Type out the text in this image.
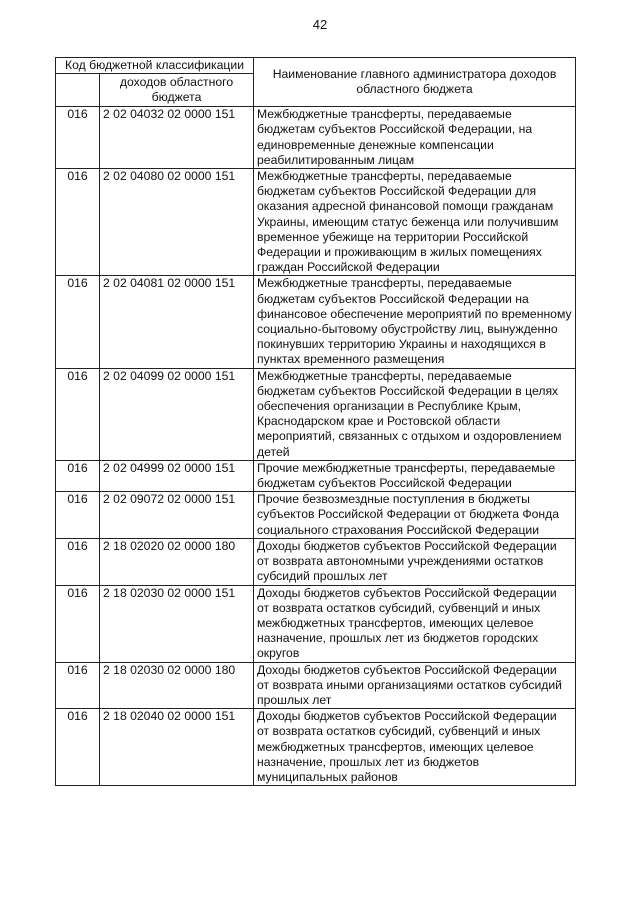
42
Код бюджетной классификации		Наименование главного администратора доходов областного бюджета
	доходов областного бюджета	
016	2 02 04032 02 0000 151	Межбюджетные трансферты, передаваемые бюджетам субъектов Российской Федерации, на единовременные денежные компенсации реабилитированным лицам
016	2 02 04080 02 0000 151	Межбюджетные трансферты, передаваемые бюджетам субъектов Российской Федерации для оказания адресной финансовой помощи гражданам Украины, имеющим статус беженца или получившим временное убежище на территории Российской Федерации и проживающим в жилых помещениях граждан Российской Федерации
016	2 02 04081 02 0000 151	Межбюджетные трансферты, передаваемые бюджетам субъектов Российской Федерации на финансовое обеспечение мероприятий по временному социально-бытовому обустройству лиц, вынужденно покинувших территорию Украины и находящихся в пунктах временного размещения
016	2 02 04099 02 0000 151	Межбюджетные трансферты, передаваемые бюджетам субъектов Российской Федерации в целях обеспечения организации в Республике Крым, Краснодарском крае и Ростовской области мероприятий, связанных с отдыхом и оздоровлением детей
016	2 02 04999 02 0000 151	Прочие межбюджетные трансферты, передаваемые бюджетам субъектов Российской Федерации
016	2 02 09072 02 0000 151	Прочие безвозмездные поступления в бюджеты субъектов Российской Федерации от бюджета Фонда социального страхования Российской Федерации
016	2 18 02020 02 0000 180	Доходы бюджетов субъектов Российской Федерации от возврата автономными учреждениями остатков субсидий прошлых лет
016	2 18 02030 02 0000 151	Доходы бюджетов субъектов Российской Федерации от возврата остатков субсидий, субвенций и иных межбюджетных трансфертов, имеющих целевое назначение, прошлых лет из бюджетов городских округов
016	2 18 02030 02 0000 180	Доходы бюджетов субъектов Российской Федерации от возврата иными организациями остатков субсидий прошлых лет
016	2 18 02040 02 0000 151	Доходы бюджетов субъектов Российской Федерации от возврата остатков субсидий, субвенций и иных межбюджетных трансфертов, имеющих целевое назначение, прошлых лет из бюджетов муниципальных районов
